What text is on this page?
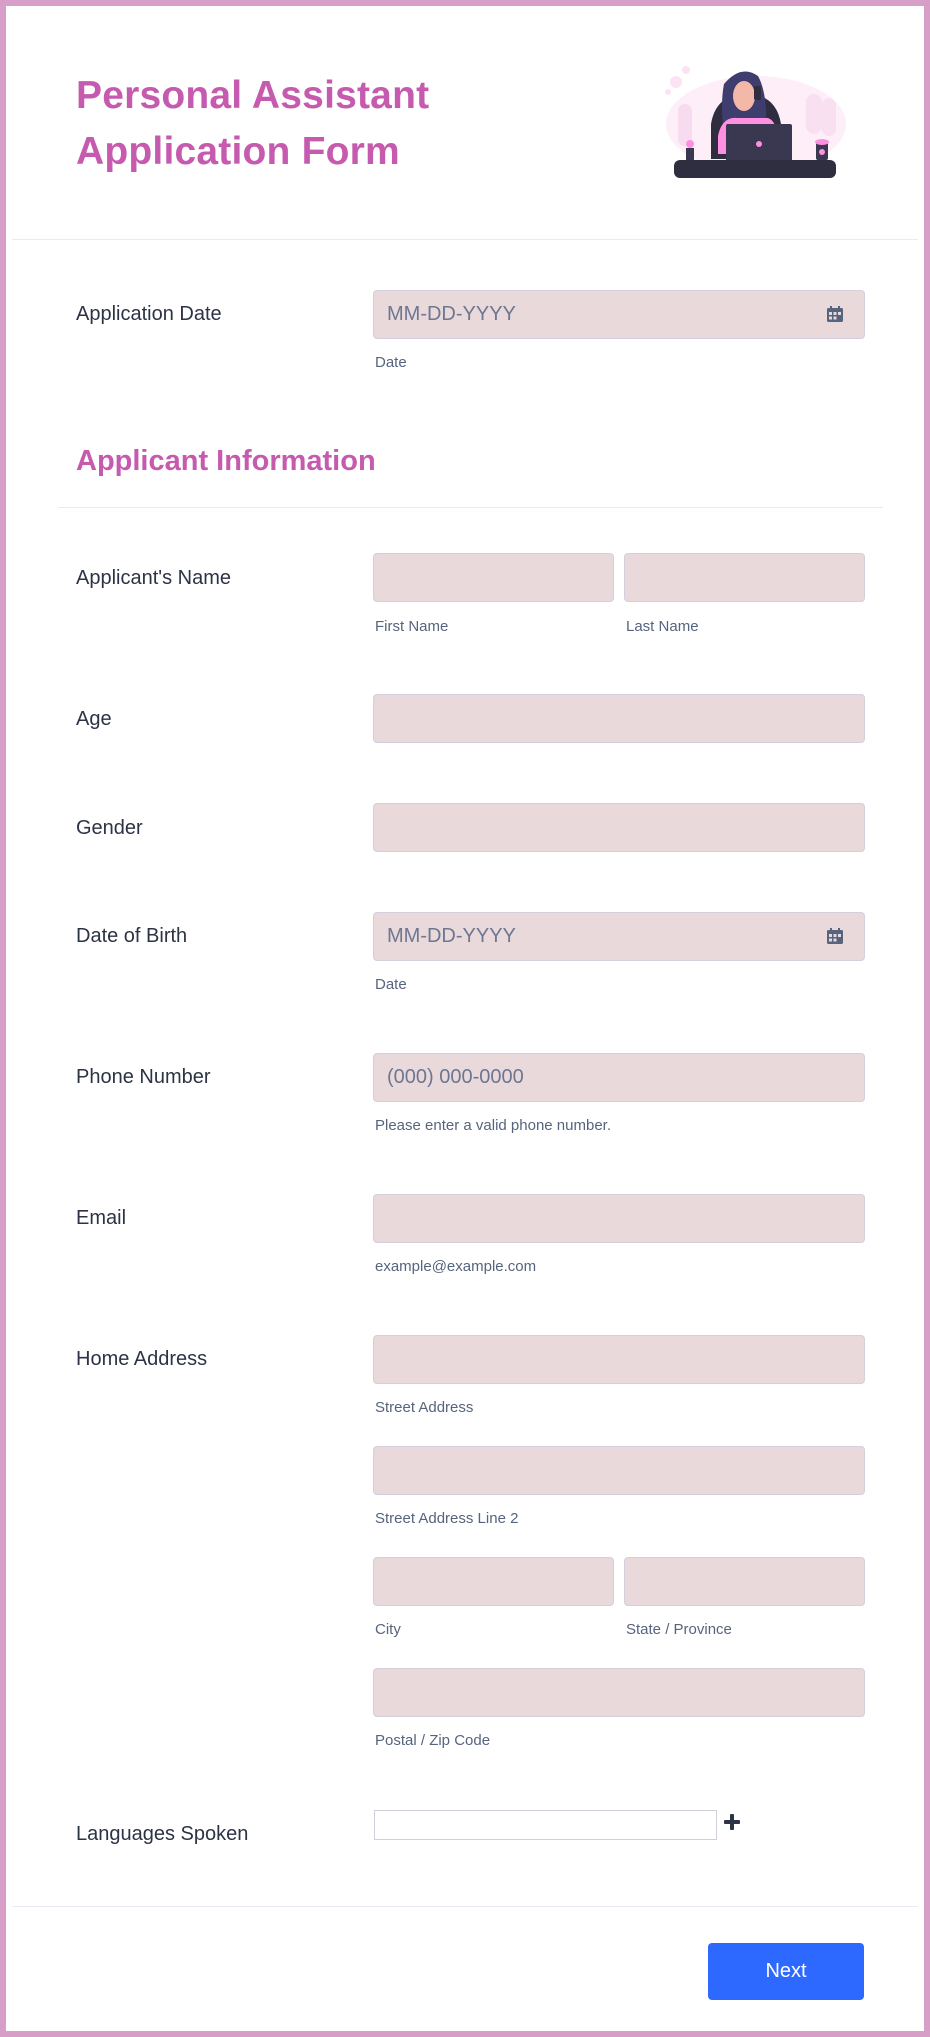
Personal Assistant
Application Form
Application Date
MM-DD-YYYY
Date
Applicant Information
Applicant's Name
First Name	Last Name
Age
Gender
Date of Birth
MM-DD-YYYY
Date
Phone Number
(000) 000-0000
Please enter a valid phone number.
Email
example@example.com
Home Address
Street Address
Street Address Line 2
City	State / Province
Postal / Zip Code
Languages Spoken
Next
